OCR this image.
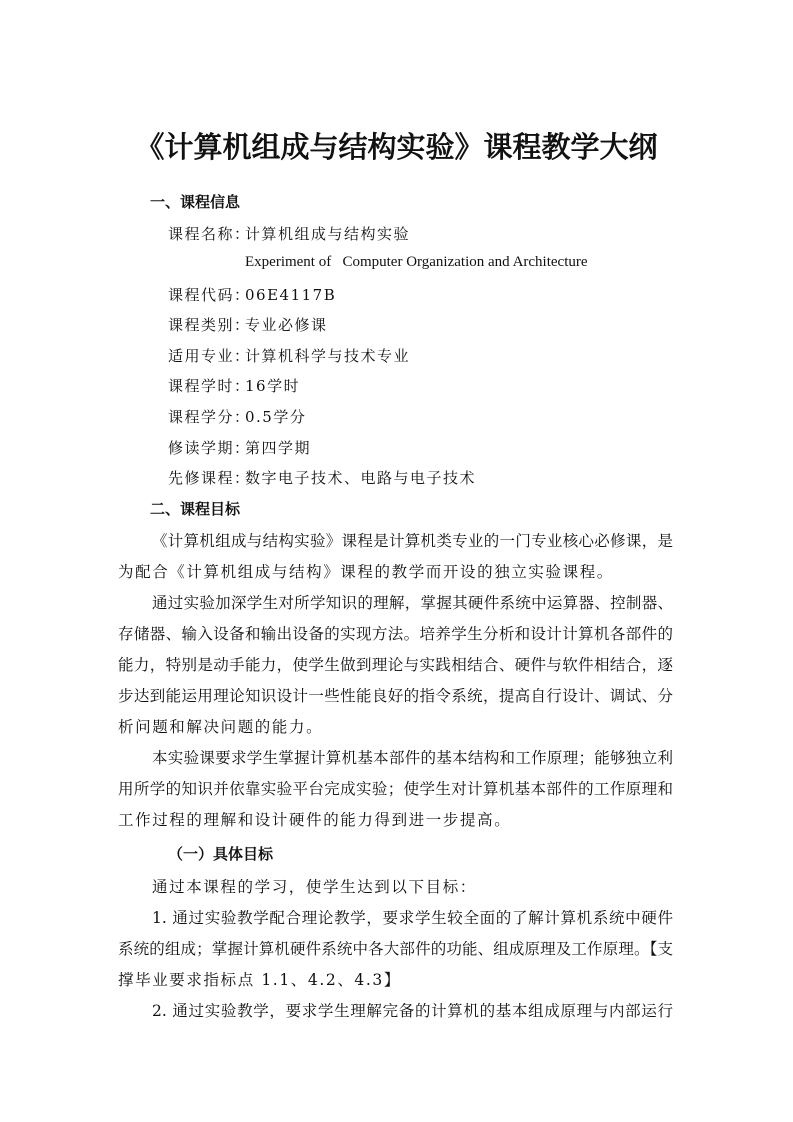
《计算机组成与结构实验》课程教学大纲
一、课程信息
课程名称：计算机组成与结构实验
Experiment of   Computer Organization and Architecture
课程代码：06E4117B
课程类别：专业必修课
适用专业：计算机科学与技术专业
课程学时：16学时
课程学分：0.5学分
修读学期：第四学期
先修课程：数字电子技术、电路与电子技术
二、课程目标
《计算机组成与结构实验》课程是计算机类专业的一门专业核心必修课，是
为配合《计算机组成与结构》课程的教学而开设的独立实验课程。
通过实验加深学生对所学知识的理解，掌握其硬件系统中运算器、控制器、
存储器、输入设备和输出设备的实现方法。培养学生分析和设计计算机各部件的
能力，特别是动手能力，使学生做到理论与实践相结合、硬件与软件相结合，逐
步达到能运用理论知识设计一些性能良好的指令系统，提高自行设计、调试、分
析问题和解决问题的能力。
本实验课要求学生掌握计算机基本部件的基本结构和工作原理；能够独立利
用所学的知识并依靠实验平台完成实验；使学生对计算机基本部件的工作原理和
工作过程的理解和设计硬件的能力得到进一步提高。
（一）具体目标
通过本课程的学习，使学生达到以下目标：
1. 通过实验教学配合理论教学，要求学生较全面的了解计算机系统中硬件
系统的组成；掌握计算机硬件系统中各大部件的功能、组成原理及工作原理。【支
撑毕业要求指标点 1.1、4.2、4.3】
2. 通过实验教学，要求学生理解完备的计算机的基本组成原理与内部运行
